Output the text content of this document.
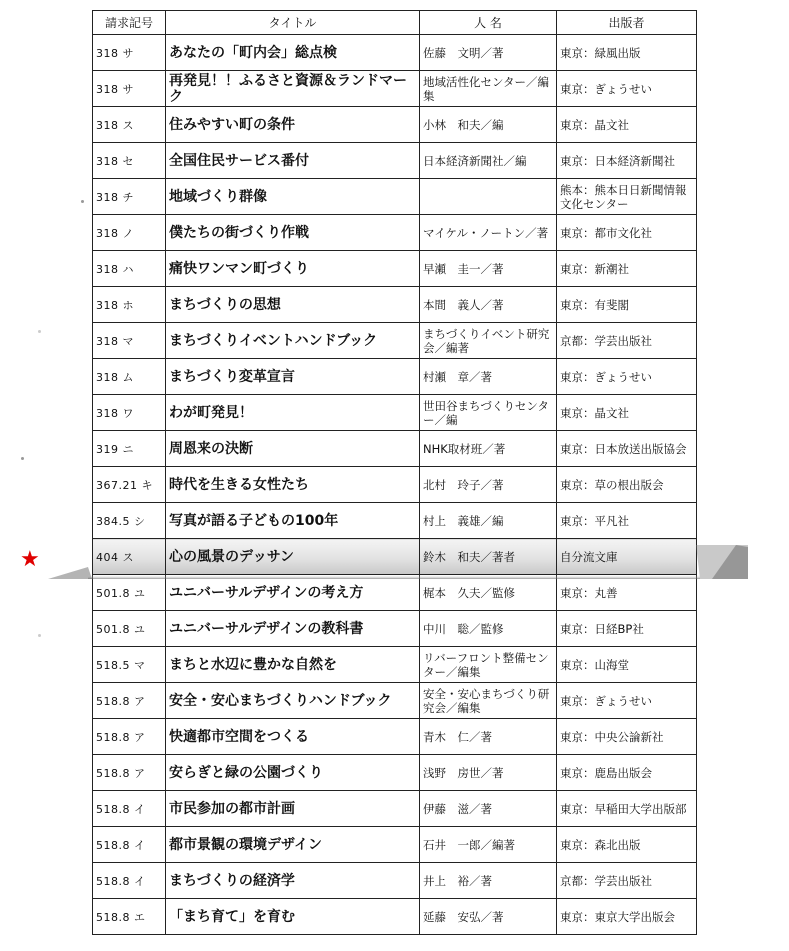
請求記号	タイトル	人 名	出版者
318 サ	あなたの「町内会」総点検	佐藤　文明／著	東京：緑風出版
318 サ	再発見！！ふるさと資源＆ランドマーク	地域活性化センター／編集	東京：ぎょうせい
318 ス	住みやすい町の条件	小林　和夫／編	東京：晶文社
318 セ	全国住民サービス番付	日本経済新聞社／編	東京：日本経済新聞社
318 チ	地域づくり群像		熊本：熊本日日新聞情報文化センター
318 ノ	僕たちの街づくり作戦	マイケル・ノートン／著	東京：都市文化社
318 ハ	痛快ワンマン町づくり	早瀬　圭一／著	東京：新潮社
318 ホ	まちづくりの思想	本間　義人／著	東京：有斐閣
318 マ	まちづくりイベントハンドブック	まちづくりイベント研究会／編著	京都：学芸出版社
318 ム	まちづくり変革宣言	村瀬　章／著	東京：ぎょうせい
318 ワ	わが町発見！	世田谷まちづくりセンター／編	東京：晶文社
319 ニ	周恩来の決断	NHK取材班／著	東京：日本放送出版協会
367.21 キ	時代を生きる女性たち	北村　玲子／著	東京：草の根出版会
384.5 シ	写真が語る子どもの100年	村上　義雄／編	東京：平凡社
404 ス	心の風景のデッサン	鈴木　和夫／著者	自分流文庫
501.8 ユ	ユニバーサルデザインの考え方	梶本　久夫／監修	東京：丸善
501.8 ユ	ユニバーサルデザインの教科書	中川　聡／監修	東京：日経BP社
518.5 マ	まちと水辺に豊かな自然を	リバーフロント整備センター／編集	東京：山海堂
518.8 ア	安全・安心まちづくりハンドブック	安全・安心まちづくり研究会／編集	東京：ぎょうせい
518.8 ア	快適都市空間をつくる	青木　仁／著	東京：中央公論新社
518.8 ア	安らぎと緑の公園づくり	浅野　房世／著	東京：鹿島出版会
518.8 イ	市民参加の都市計画	伊藤　滋／著	東京：早稲田大学出版部
518.8 イ	都市景観の環境デザイン	石井　一郎／編著	東京：森北出版
518.8 イ	まちづくりの経済学	井上　裕／著	京都：学芸出版社
518.8 エ	「まち育て」を育む	延藤　安弘／著	東京：東京大学出版会
★
